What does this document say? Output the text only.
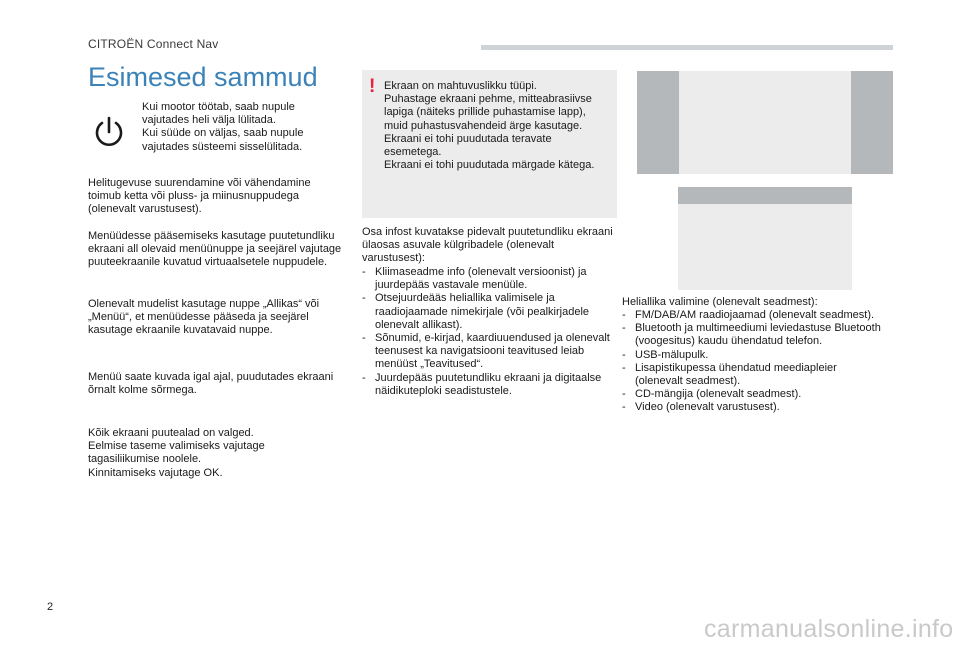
CITROËN Connect Nav
Esimesed sammud
Kui mootor töötab, saab nupule vajutades heli välja lülitada.
Kui süüde on väljas, saab nupule vajutades süsteemi sisselülitada.
Helitugevuse suurendamine või vähendamine toimub ketta või pluss- ja miinusnuppudega (olenevalt varustusest).
Menüüdesse pääsemiseks kasutage puutetundliku ekraani all olevaid menüünuppe ja seejärel vajutage puuteekraanile kuvatud virtuaalsetele nuppudele.
Olenevalt mudelist kasutage nuppe „Allikas“ või „Menüü“, et menüüdesse pääseda ja seejärel kasutage ekraanile kuvatavaid nuppe.
Menüü saate kuvada igal ajal, puudutades ekraani õrnalt kolme sõrmega.
Kõik ekraani puutealad on valged.
Eelmise taseme valimiseks vajutage tagasiliikumise noolele.
Kinnitamiseks vajutage OK.
! Ekraan on mahtuvuslikku tüüpi.
Puhastage ekraani pehme, mitteabrasiivse lapiga (näiteks prillide puhastamise lapp), muid puhastusvahendeid ärge kasutage.
Ekraani ei tohi puudutada teravate esemetega.
Ekraani ei tohi puudutada märgade kätega.
Osa infost kuvatakse pidevalt puutetundliku ekraani ülaosas asuvale külgribadele (olenevalt varustusest):
- Kliimaseadme info (olenevalt versioonist) ja juurdepääs vastavale menüüle.
- Otsejuurdeääs heliallika valimisele ja raadiojaamade nimekirjale (või pealkirjadele olenevalt allikast).
- Sõnumid, e-kirjad, kaardiuuendused ja olenevalt teenusest ka navigatsiooni teavitused leiab menüüst „Teavitused“.
- Juurdepääs puutetundliku ekraani ja digitaalse näidikuteploki seadistustele.
Heliallika valimine (olenevalt seadmest):
- FM/DAB/AM raadiojaamad (olenevalt seadmest).
- Bluetooth ja multimeediumi leviedastuse Bluetooth (voogesitus) kaudu ühendatud telefon.
- USB-mälupulk.
- Lisapistikupessa ühendatud meediapleier (olenevalt seadmest).
- CD-mängija (olenevalt seadmest).
- Video (olenevalt varustusest).
2
carmanualsonline.info
